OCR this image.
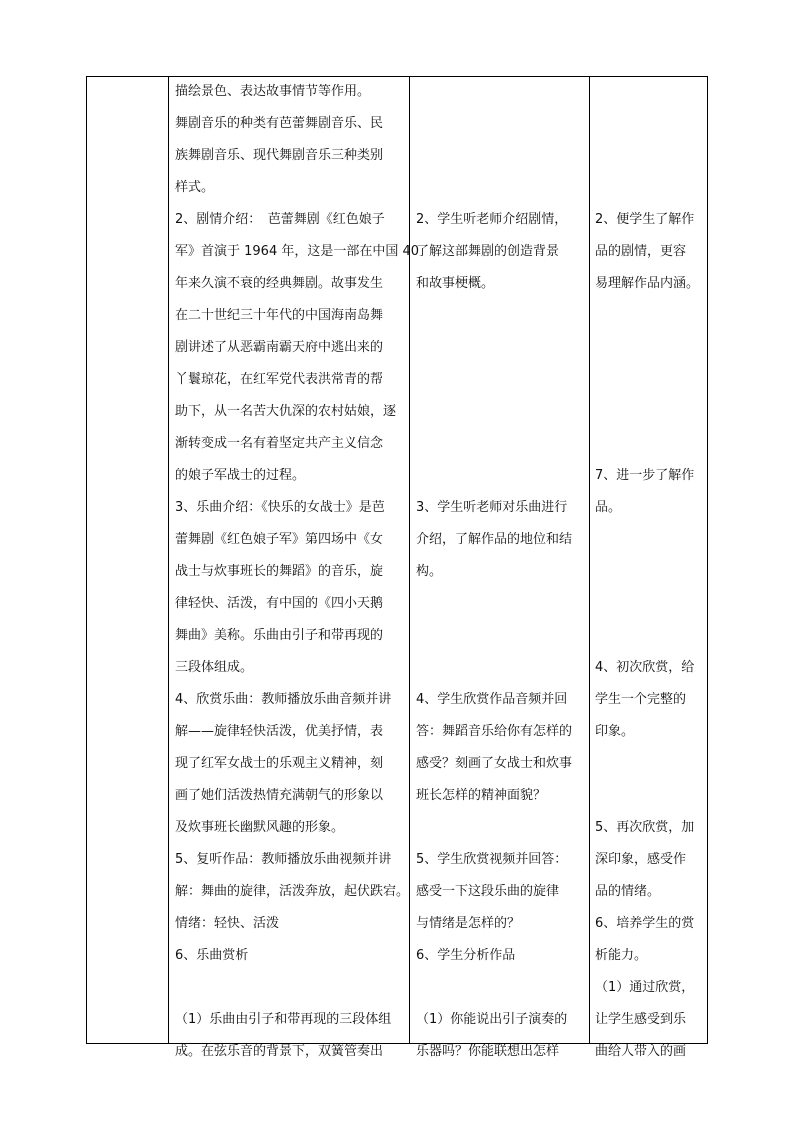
描绘景色、表达故事情节等作用。
舞剧音乐的种类有芭蕾舞剧音乐、民
族舞剧音乐、现代舞剧音乐三种类别
样式。
2、剧情介绍：　芭蕾舞剧《红色娘子
军》首演于 1964 年，这是一部在中国 40
年来久演不衰的经典舞剧。故事发生
在二十世纪三十年代的中国海南岛舞
剧讲述了从恶霸南霸天府中逃出来的
丫鬟琼花，在红军党代表洪常青的帮
助下，从一名苦大仇深的农村姑娘，逐
渐转变成一名有着坚定共产主义信念
的娘子军战士的过程。
3、乐曲介绍：《快乐的女战士》是芭
蕾舞剧《红色娘子军》第四场中《女
战士与炊事班长的舞蹈》的音乐，旋
律轻快、活泼，有中国的《四小天鹅
舞曲》美称。乐曲由引子和带再现的
三段体组成。
4、欣赏乐曲：教师播放乐曲音频并讲
解——旋律轻快活泼，优美抒情，表
现了红军女战士的乐观主义精神，刻
画了她们活泼热情充满朝气的形象以
及炊事班长幽默风趣的形象。
5、复听作品：教师播放乐曲视频并讲
解：舞曲的旋律，活泼奔放，起伏跌宕。
情绪：轻快、活泼
6、乐曲赏析
（1）乐曲由引子和带再现的三段体组
成。在弦乐音的背景下，双簧管奏出
2、学生听老师介绍剧情，
了解这部舞剧的创造背景
和故事梗概。
3、学生听老师对乐曲进行
介绍，了解作品的地位和结
构。
4、学生欣赏作品音频并回
答：舞蹈音乐给你有怎样的
感受？刻画了女战士和炊事
班长怎样的精神面貌？
5、学生欣赏视频并回答：
感受一下这段乐曲的旋律
与情绪是怎样的？
6、学生分析作品
（1）你能说出引子演奏的
乐器吗？你能联想出怎样
2、便学生了解作
品的剧情，更容
易理解作品内涵。
7、进一步了解作
品。
4、初次欣赏，给
学生一个完整的
印象。
5、再次欣赏，加
深印象，感受作
品的情绪。
6、培养学生的赏
析能力。
（1）通过欣赏，
让学生感受到乐
曲给人带入的画
